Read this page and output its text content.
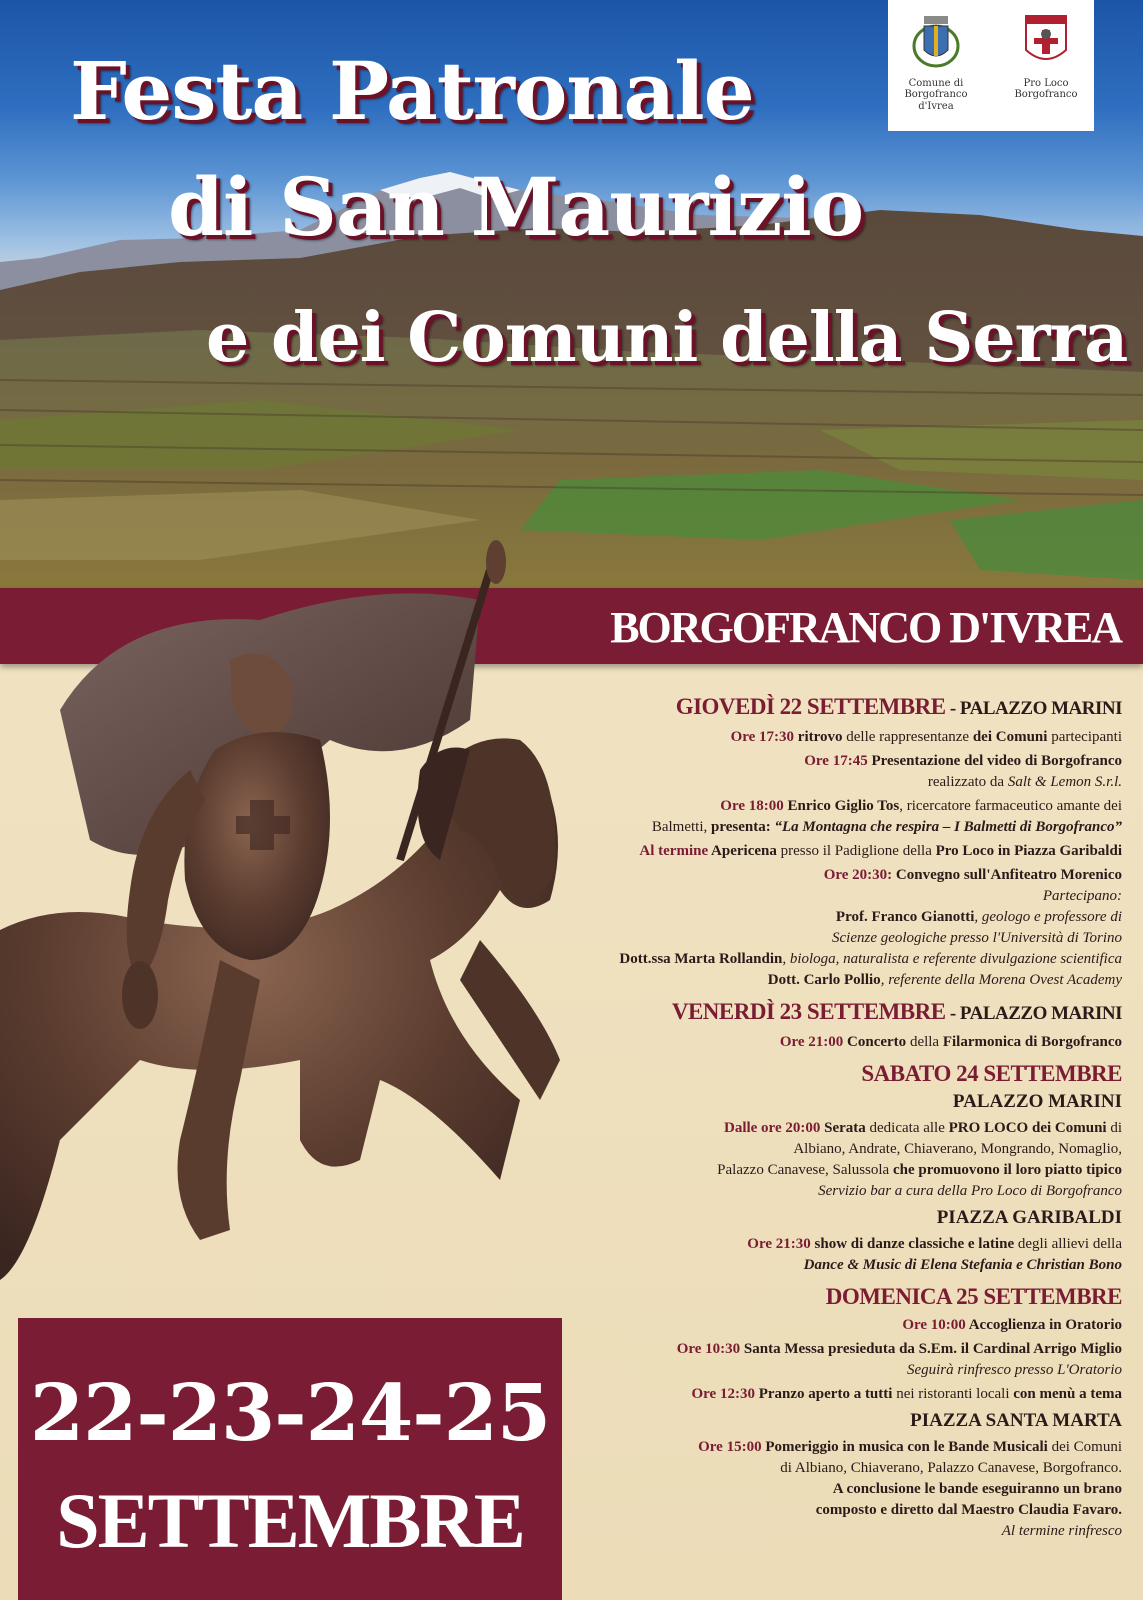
Comune di
Borgofranco d'Ivrea
Pro Loco
Borgofranco
Festa Patronale
di San Maurizio
e dei Comuni della Serra
BORGOFRANCO D'IVREA
22-23-24-25
SETTEMBRE
GIOVEDÌ 22 SETTEMBRE - PALAZZO MARINI
Ore 17:30 ritrovo delle rappresentanze dei Comuni partecipanti
Ore 17:45 Presentazione del video di Borgofranco
realizzato da Salt & Lemon S.r.l.
Ore 18:00 Enrico Giglio Tos, ricercatore farmaceutico amante dei
Balmetti, presenta: “La Montagna che respira – I Balmetti di Borgofranco”
Al termine Apericena presso il Padiglione della Pro Loco in Piazza Garibaldi
Ore 20:30: Convegno sull'Anfiteatro Morenico
Partecipano:
Prof. Franco Gianotti, geologo e professore di
Scienze geologiche presso l'Università di Torino
Dott.ssa Marta Rollandin, biologa, naturalista e referente divulgazione scientifica
Dott. Carlo Pollio, referente della Morena Ovest Academy
VENERDÌ 23 SETTEMBRE - PALAZZO MARINI
Ore 21:00 Concerto della Filarmonica di Borgofranco
SABATO 24 SETTEMBRE
PALAZZO MARINI
Dalle ore 20:00 Serata dedicata alle PRO LOCO dei Comuni di
Albiano, Andrate, Chiaverano, Mongrando, Nomaglio,
Palazzo Canavese, Salussola che promuovono il loro piatto tipico
Servizio bar a cura della Pro Loco di Borgofranco
PIAZZA GARIBALDI
Ore 21:30 show di danze classiche e latine degli allievi della
Dance & Music di Elena Stefania e Christian Bono
DOMENICA 25 SETTEMBRE
Ore 10:00 Accoglienza in Oratorio
Ore 10:30 Santa Messa presieduta da S.Em. il Cardinal Arrigo Miglio
Seguirà rinfresco presso L'Oratorio
Ore 12:30 Pranzo aperto a tutti nei ristoranti locali con menù a tema
PIAZZA SANTA MARTA
Ore 15:00 Pomeriggio in musica con le Bande Musicali dei Comuni
di Albiano, Chiaverano, Palazzo Canavese, Borgofranco.
A conclusione le bande eseguiranno un brano
composto e diretto dal Maestro Claudia Favaro.
Al termine rinfresco
